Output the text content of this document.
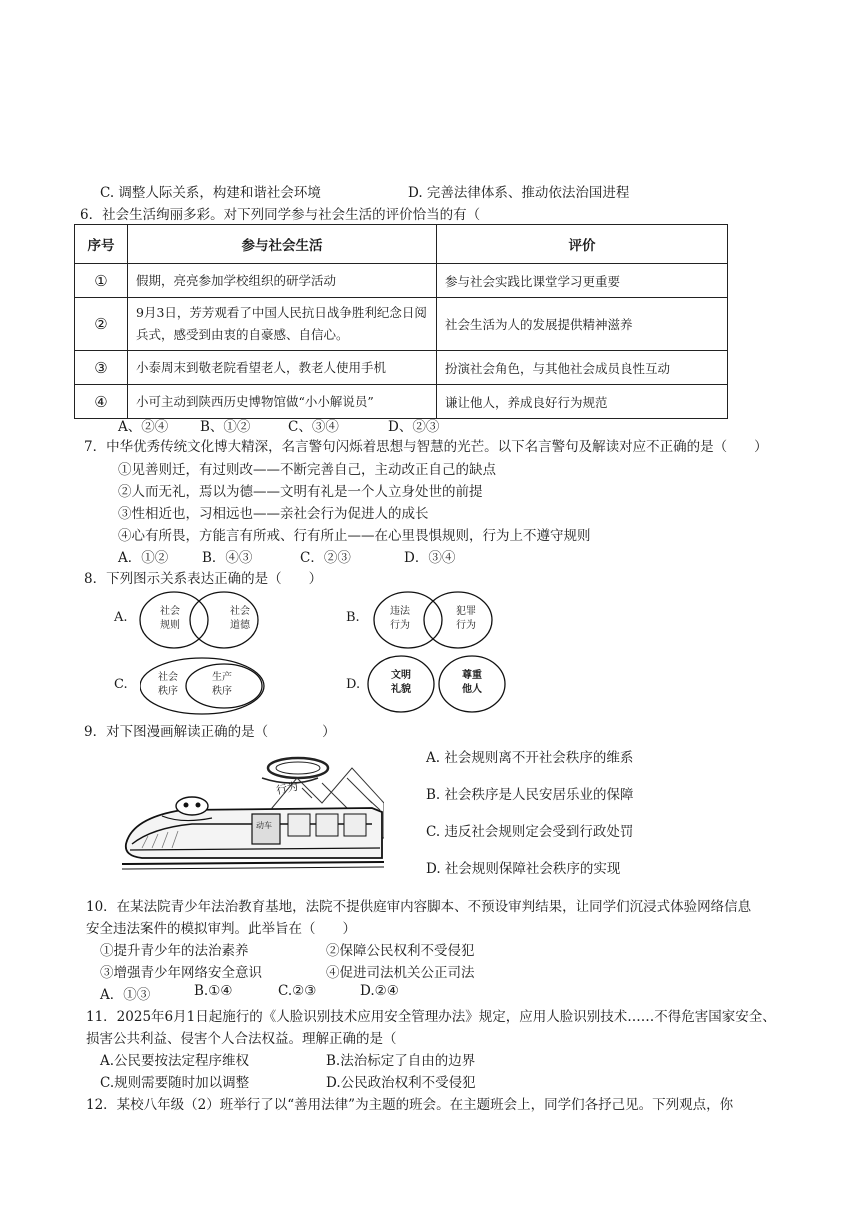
C. 调整人际关系，构建和谐社会环境	D. 完善法律体系、推动依法治国进程
6．社会生活绚丽多彩。对下列同学参与社会生活的评价恰当的有（
序号	参与社会生活	评价
①	假期，亮亮参加学校组织的研学活动	参与社会实践比课堂学习更重要
②	9月3日，芳芳观看了中国人民抗日战争胜利纪念日阅兵式，感受到由衷的自豪感、自信心。	社会生活为人的发展提供精神滋养
③	小泰周末到敬老院看望老人，教老人使用手机	扮演社会角色，与其他社会成员良性互动
④	小可主动到陕西历史博物馆做“小小解说员”	谦让他人，养成良好行为规范
A、②④ B、①②	C、③④	D、②③
7．中华优秀传统文化博大精深，名言警句闪烁着思想与智慧的光芒。以下名言警句及解读对应不正确的是（　　）
①见善则迁，有过则改——不断完善自己，主动改正自己的缺点
②人而无礼，焉以为德——文明有礼是一个人立身处世的前提
③性相近也，习相远也——亲社会行为促进人的成长
④心有所畏，方能言有所戒、行有所止——在心里畏惧规则，行为上不遵守规则
A．①②	B．④③	C．②③	D．③④
8．下列图示关系表达正确的是（　　）
A.	社会
规则
社会
道德
B.	违法
行为
犯罪
行为
C.	社会
秩序
生产
秩序	D.
文明
礼貌
尊重
他人
9．对下图漫画解读正确的是（　　　　）
行为
动车
A. 社会规则离不开社会秩序的维系
B. 社会秩序是人民安居乐业的保障
C. 违反社会规则定会受到行政处罚
D. 社会规则保障社会秩序的实现
10．在某法院青少年法治教育基地，法院不提供庭审内容脚本、不预设审判结果，让同学们沉浸式体验网络信息
安全违法案件的模拟审判。此举旨在（　　）
①提升青少年的法治素养	②保障公民权利不受侵犯
③增强青少年网络安全意识	④促进司法机关公正司法
A．①③	B.①④	C.②③	D.②④
11．2025年6月1日起施行的《人脸识别技术应用安全管理办法》规定，应用人脸识别技术……不得危害国家安全、
损害公共利益、侵害个人合法权益。理解正确的是（
A.公民要按法定程序维权	B.法治标定了自由的边界
C.规则需要随时加以调整	D.公民政治权利不受侵犯
12．某校八年级（2）班举行了以“善用法律”为主题的班会。在主题班会上，同学们各抒己见。下列观点，你
